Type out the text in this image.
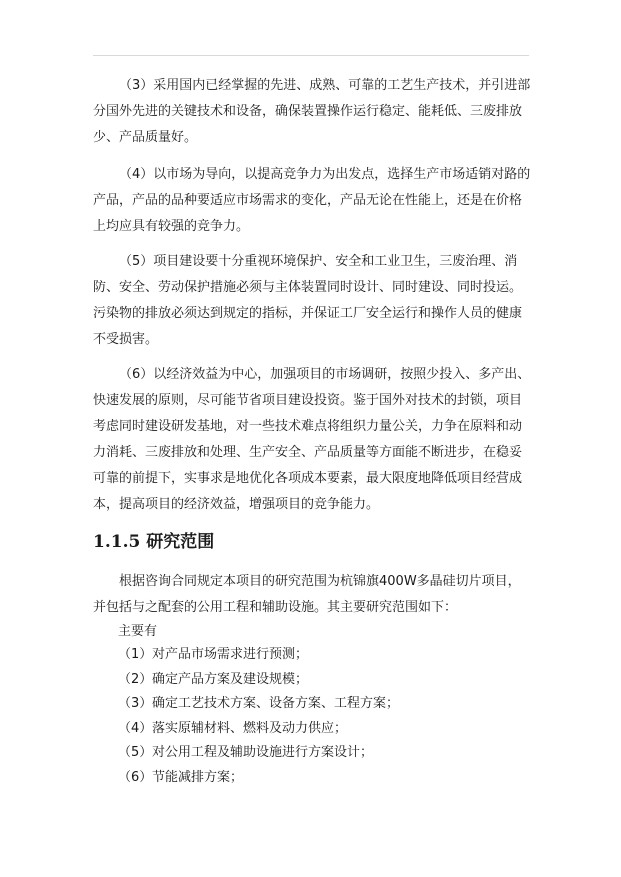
（3）采用国内已经掌握的先进、成熟、可靠的工艺生产技术，并引进部分国外先进的关键技术和设备，确保装置操作运行稳定、能耗低、三废排放少、产品质量好。

（4）以市场为导向，以提高竞争力为出发点，选择生产市场适销对路的产品，产品的品种要适应市场需求的变化，产品无论在性能上，还是在价格上均应具有较强的竞争力。

（5）项目建设要十分重视环境保护、安全和工业卫生，三废治理、消防、安全、劳动保护措施必须与主体装置同时设计、同时建设、同时投运。污染物的排放必须达到规定的指标，并保证工厂安全运行和操作人员的健康不受损害。

（6）以经济效益为中心，加强项目的市场调研，按照少投入、多产出、快速发展的原则，尽可能节省项目建设投资。鉴于国外对技术的封锁，项目考虑同时建设研发基地，对一些技术难点将组织力量公关，力争在原料和动力消耗、三废排放和处理、生产安全、产品质量等方面能不断进步，在稳妥可靠的前提下，实事求是地优化各项成本要素，最大限度地降低项目经营成本，提高项目的经济效益，增强项目的竞争能力。

1.1.5 研究范围

根据咨询合同规定本项目的研究范围为杭锦旗400W多晶硅切片项目，并包括与之配套的公用工程和辅助设施。其主要研究范围如下：

主要有

（1）对产品市场需求进行预测；
（2）确定产品方案及建设规模；
（3）确定工艺技术方案、设备方案、工程方案；
（4）落实原辅材料、燃料及动力供应；
（5）对公用工程及辅助设施进行方案设计；
（6）节能减排方案；
